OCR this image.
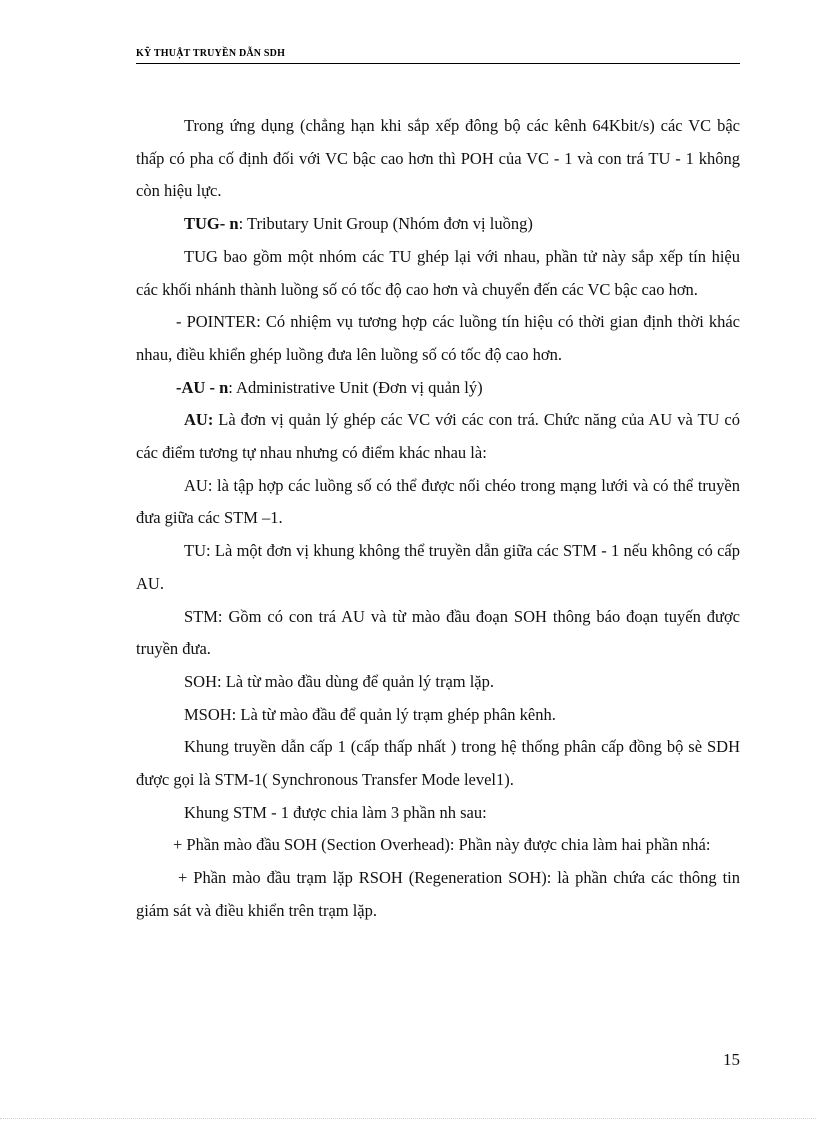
KỸ THUẬT TRUYỀN DẪN SDH

Trong ứng dụng (chẳng hạn khi sắp xếp đông bộ các kênh 64Kbit/s) các VC bậc thấp có pha cố định đối với VC bậc cao hơn thì POH của VC - 1 và con trá TU - 1 không còn hiệu lực.

TUG- n: Tributary Unit Group (Nhóm đơn vị luồng)

TUG bao gồm một nhóm các TU ghép lại với nhau, phần tử này sắp xếp tín hiệu các khối nhánh thành luồng số có tốc độ cao hơn và chuyển đến các VC bậc cao hơn.

- POINTER: Có nhiệm vụ tương hợp các luồng tín hiệu có thời gian định thời khác nhau, điều khiển ghép luồng đưa lên luồng số có tốc độ cao hơn.

-AU - n: Administrative Unit (Đơn vị quản lý)

AU: Là đơn vị quản lý ghép các VC với các con trá. Chức năng của AU và TU có các điểm tương tự nhau nhưng có điểm khác nhau là:

AU: là tập hợp các luồng số có thể được nối chéo trong mạng lưới và có thể truyền đưa giữa các STM –1.

TU: Là một đơn vị khung không thể truyền dẫn giữa các STM - 1 nếu không có cấp AU.

STM: Gồm có con trá AU và từ mào đầu đoạn SOH thông báo đoạn tuyến được truyền đưa.

SOH: Là từ mào đầu dùng để quản lý trạm lặp.

MSOH: Là từ mào đầu để quản lý trạm ghép phân kênh.

Khung truyền dẫn cấp 1 (cấp thấp nhất ) trong hệ thống phân cấp đồng bộ sè SDH được gọi là STM-1( Synchronous Transfer Mode level1).

Khung STM - 1 được chia làm 3 phần nh sau:

+ Phần mào đầu SOH (Section Overhead): Phần này được chia làm hai phần nhá:

+ Phần mào đầu trạm lặp RSOH (Regeneration SOH): là phần chứa các thông tin giám sát và điều khiển trên trạm lặp.

15
